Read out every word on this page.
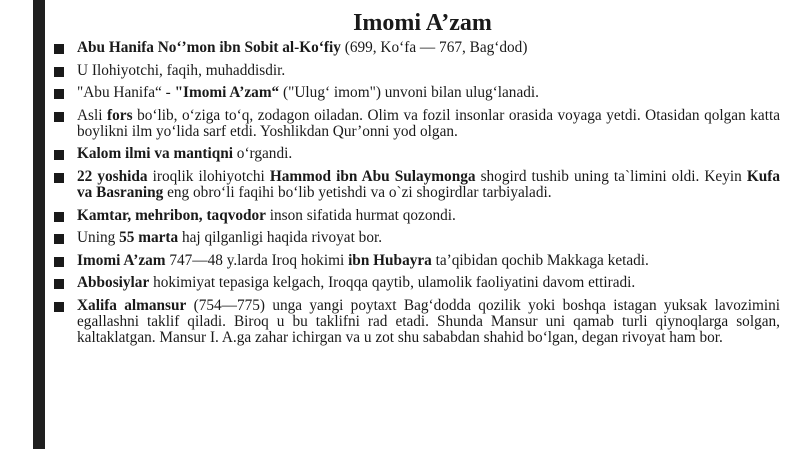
Imomi A’zam
Abu Hanifa No‘’mon ibn Sobit al-Ko‘fiy (699, Ko‘fa — 767, Bag‘dod)
U Ilohiyotchi, faqih, muhaddisdir.
"Abu Hanifa“ - "Imomi A’zam“ ("Ulug‘ imom") unvoni bilan ulug‘lanadi.
Asli fors bo‘lib, o‘ziga to‘q, zodagon oiladan. Olim va fozil insonlar orasida voyaga yetdi. Otasidan qolgan katta boylikni ilm yo‘lida sarf etdi. Yoshlikdan Qur’onni yod olgan.
Kalom ilmi va mantiqni o‘rgandi.
22 yoshida iroqlik ilohiyotchi Hammod ibn Abu Sulaymonga shogird tushib uning ta`limini oldi. Keyin Kufa va Basraning eng obro‘li faqihi bo‘lib yetishdi va o`zi shogirdlar tarbiyaladi.
Kamtar, mehribon, taqvodor inson sifatida hurmat qozondi.
Uning 55 marta haj qilganligi haqida rivoyat bor.
Imomi A’zam 747—48 y.larda Iroq hokimi ibn Hubayra ta’qibidan qochib Makkaga ketadi.
Abbosiylar hokimiyat tepasiga kelgach, Iroqqa qaytib, ulamolik faoliyatini davom ettiradi.
Xalifa almansur (754—775) unga yangi poytaxt Bag‘dodda qozilik yoki boshqa istagan yuksak lavozimini egallashni taklif qiladi. Biroq u bu taklifni rad etadi. Shunda Mansur uni qamab turli qiynoqlarga solgan, kaltaklatgan. Mansur I. A.ga zahar ichirgan va u zot shu sababdan shahid bo‘lgan, degan rivoyat ham bor.
